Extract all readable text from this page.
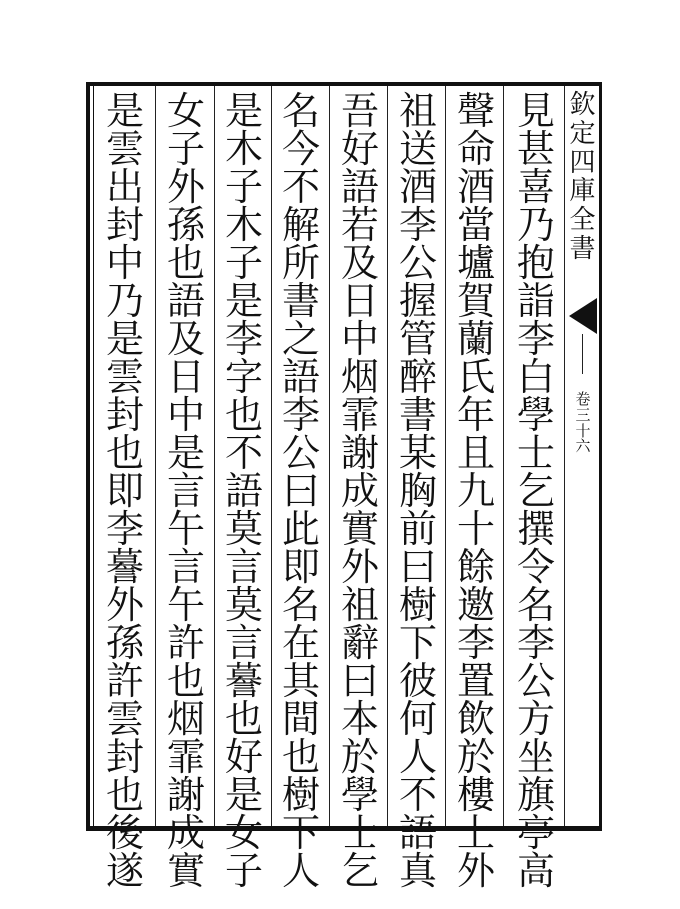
見
甚
喜
乃
抱
詣
李
白
學
士
乞
撰
令
名
李
公
方
坐
旗
亭
高
聲
命
酒
當
壚
賀
蘭
氏
年
且
九
十
餘
邀
李
置
飲
於
樓
上
外
祖
送
酒
李
公
握
管
醉
書
某
胸
前
曰
樹
下
彼
何
人
不
語
真
吾
好
語
若
及
日
中
烟
霏
謝
成
實
外
祖
辭
曰
本
於
學
士
乞
名
今
不
解
所
書
之
語
李
公
曰
此
即
名
在
其
間
也
樹
下
人
是
木
子
木
子
是
李
字
也
不
語
莫
言
莫
言
謩
也
好
是
女
子
女
子
外
孫
也
語
及
日
中
是
言
午
言
午
許
也
烟
霏
謝
成
實
是
雲
出
封
中
乃
是
雲
封
也
即
李
謩
外
孫
許
雲
封
也
後
遂
欽
定
四
庫
全
書
卷
三
十
六
